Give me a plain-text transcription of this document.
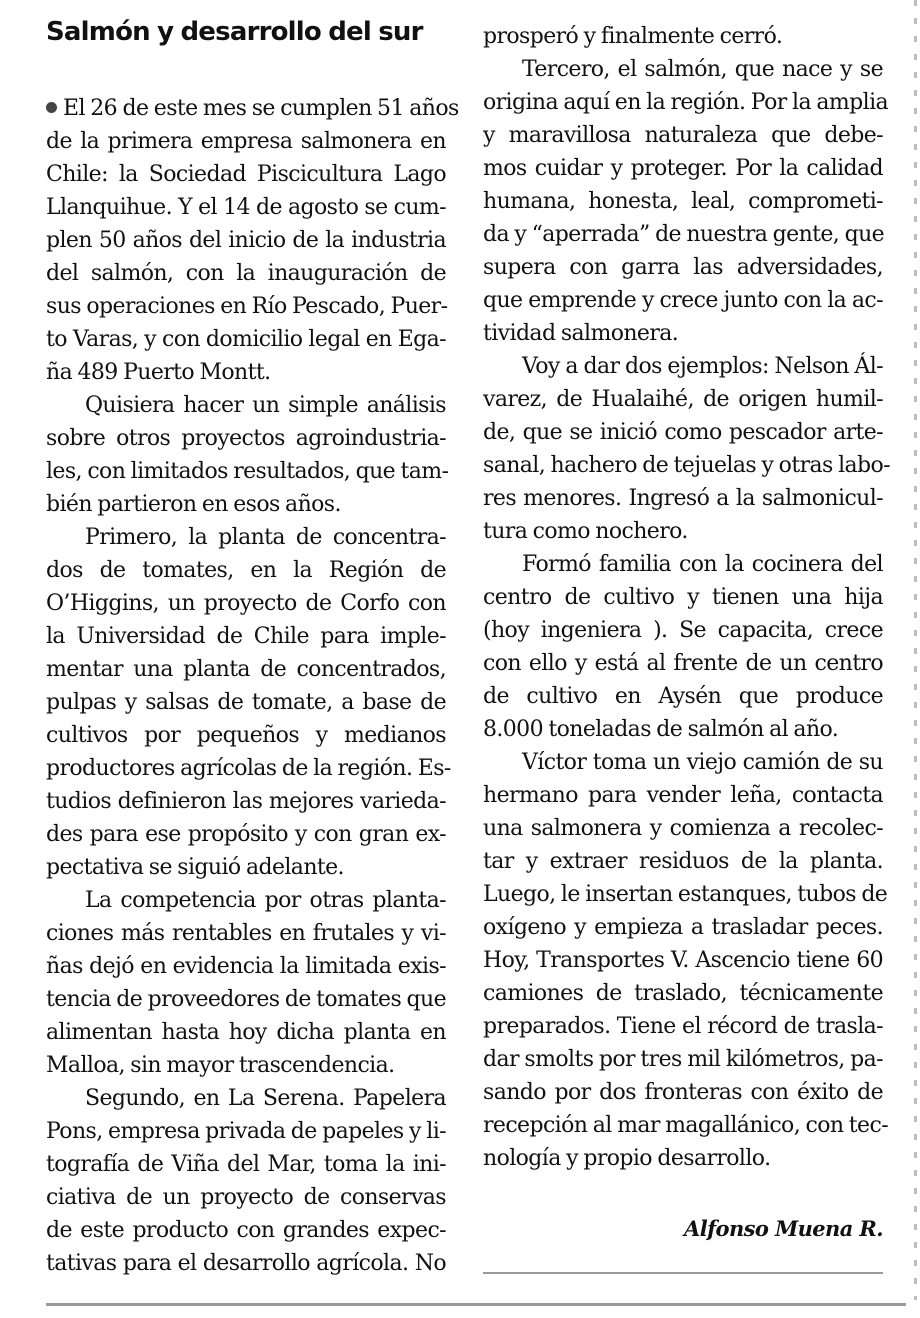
Salmón y desarrollo del sur
El 26 de este mes se cumplen 51 años
de la primera empresa salmonera en
Chile: la Sociedad Piscicultura Lago
Llanquihue. Y el 14 de agosto se cum-
plen 50 años del inicio de la industria
del salmón, con la inauguración de
sus operaciones en Río Pescado, Puer-
to Varas, y con domicilio legal en Ega-
ña 489 Puerto Montt.
Quisiera hacer un simple análisis
sobre otros proyectos agroindustria-
les, con limitados resultados, que tam-
bién partieron en esos años.
Primero, la planta de concentra-
dos de tomates, en la Región de
O’Higgins, un proyecto de Corfo con
la Universidad de Chile para imple-
mentar una planta de concentrados,
pulpas y salsas de tomate, a base de
cultivos por pequeños y medianos
productores agrícolas de la región. Es-
tudios definieron las mejores varieda-
des para ese propósito y con gran ex-
pectativa se siguió adelante.
La competencia por otras planta-
ciones más rentables en frutales y vi-
ñas dejó en evidencia la limitada exis-
tencia de proveedores de tomates que
alimentan hasta hoy dicha planta en
Malloa, sin mayor trascendencia.
Segundo, en La Serena. Papelera
Pons, empresa privada de papeles y li-
tografía de Viña del Mar, toma la ini-
ciativa de un proyecto de conservas
de este producto con grandes expec-
tativas para el desarrollo agrícola. No
prosperó y finalmente cerró.
Tercero, el salmón, que nace y se
origina aquí en la región. Por la amplia
y maravillosa naturaleza que debe-
mos cuidar y proteger. Por la calidad
humana, honesta, leal, comprometi-
da y “aperrada” de nuestra gente, que
supera con garra las adversidades,
que emprende y crece junto con la ac-
tividad salmonera.
Voy a dar dos ejemplos: Nelson Ál-
varez, de Hualaihé, de origen humil-
de, que se inició como pescador arte-
sanal, hachero de tejuelas y otras labo-
res menores. Ingresó a la salmonicul-
tura como nochero.
Formó familia con la cocinera del
centro de cultivo y tienen una hija
(hoy ingeniera ). Se capacita, crece
con ello y está al frente de un centro
de cultivo en Aysén que produce
8.000 toneladas de salmón al año.
Víctor toma un viejo camión de su
hermano para vender leña, contacta
una salmonera y comienza a recolec-
tar y extraer residuos de la planta.
Luego, le insertan estanques, tubos de
oxígeno y empieza a trasladar peces.
Hoy, Transportes V. Ascencio tiene 60
camiones de traslado, técnicamente
preparados. Tiene el récord de trasla-
dar smolts por tres mil kilómetros, pa-
sando por dos fronteras con éxito de
recepción al mar magallánico, con tec-
nología y propio desarrollo.
Alfonso Muena R.
